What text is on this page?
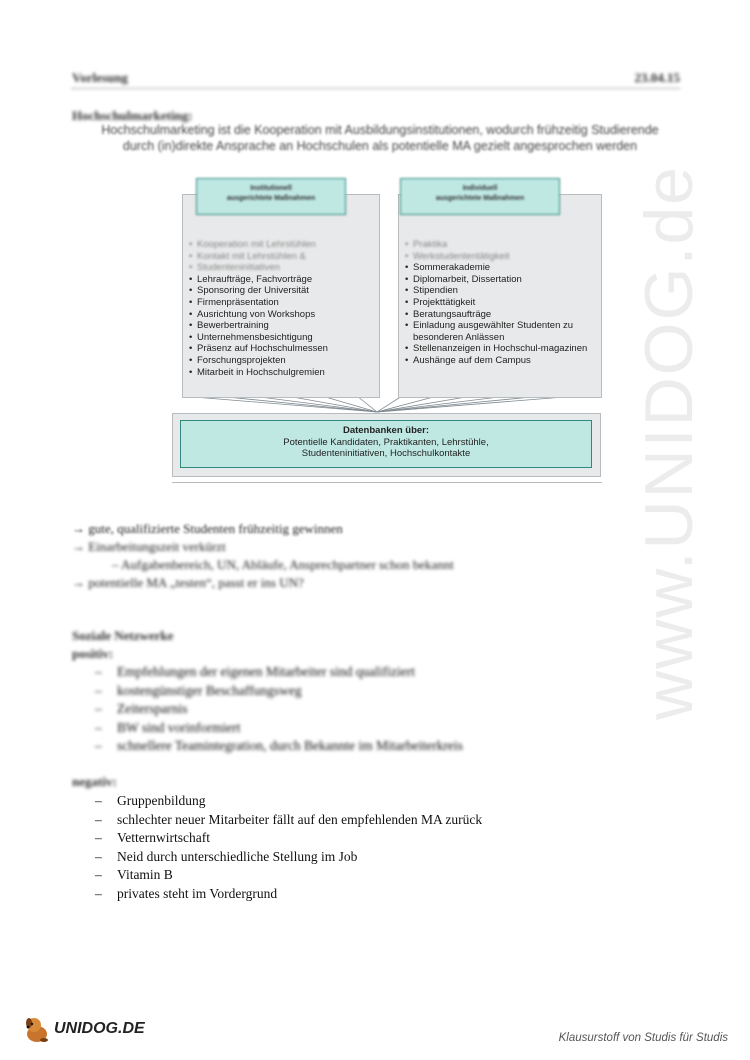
Vorlesung	23.04.15
Hochschulmarketing:
Hochschulmarketing ist die Kooperation mit Ausbildungsinstitutionen, wodurch frühzeitig Studierende durch (in)direkte Ansprache an Hochschulen als potentielle MA gezielt angesprochen werden
• Kooperation mit Lehrstühlen
• Kontakt mit Lehrstühlen &
• Studenteninitiativen
• Lehraufträge, Fachvorträge
• Sponsoring der Universität
• Firmenpräsentation
• Ausrichtung von Workshops
• Bewerbertraining
• Unternehmensbesichtigung
• Präsenz auf Hochschulmessen
• Forschungsprojekten
• Mitarbeit in Hochschulgremien
Institutionell
ausgerichtete Maßnahmen
• Praktika
• Werkstudententätigkeit
• Sommerakademie
• Diplomarbeit, Dissertation
• Stipendien
• Projekttätigkeit
• Beratungsaufträge
• Einladung ausgewählter Studenten zu besonderen Anlässen
• Stellenanzeigen in Hochschul-magazinen
• Aushänge auf dem Campus
Individuell
ausgerichtete Maßnahmen
Datenbanken über:
Potentielle Kandidaten, Praktikanten, Lehrstühle,
Studenteninitiativen, Hochschulkontakte
→ gute, qualifizierte Studenten frühzeitig gewinnen
→ Einarbeitungszeit verkürzt
– Aufgabenbereich, UN, Abläufe, Ansprechpartner schon bekannt
→ potentielle MA „testen“, passt er ins UN?
Soziale Netzwerke
positiv:
– Empfehlungen der eigenen Mitarbeiter sind qualifiziert
– kostengünstiger Beschaffungsweg
– Zeitersparnis
– BW sind vorinformiert
– schnellere Teamintegration, durch Bekannte im Mitarbeiterkreis
negativ:
– Gruppenbildung
– schlechter neuer Mitarbeiter fällt auf den empfehlenden MA zurück
– Vetternwirtschaft
– Neid durch unterschiedliche Stellung im Job
– Vitamin B
– privates steht im Vordergrund
www.UNIDOG.de
UNIDOG.DE
Klausurstoff von Studis für Studis
